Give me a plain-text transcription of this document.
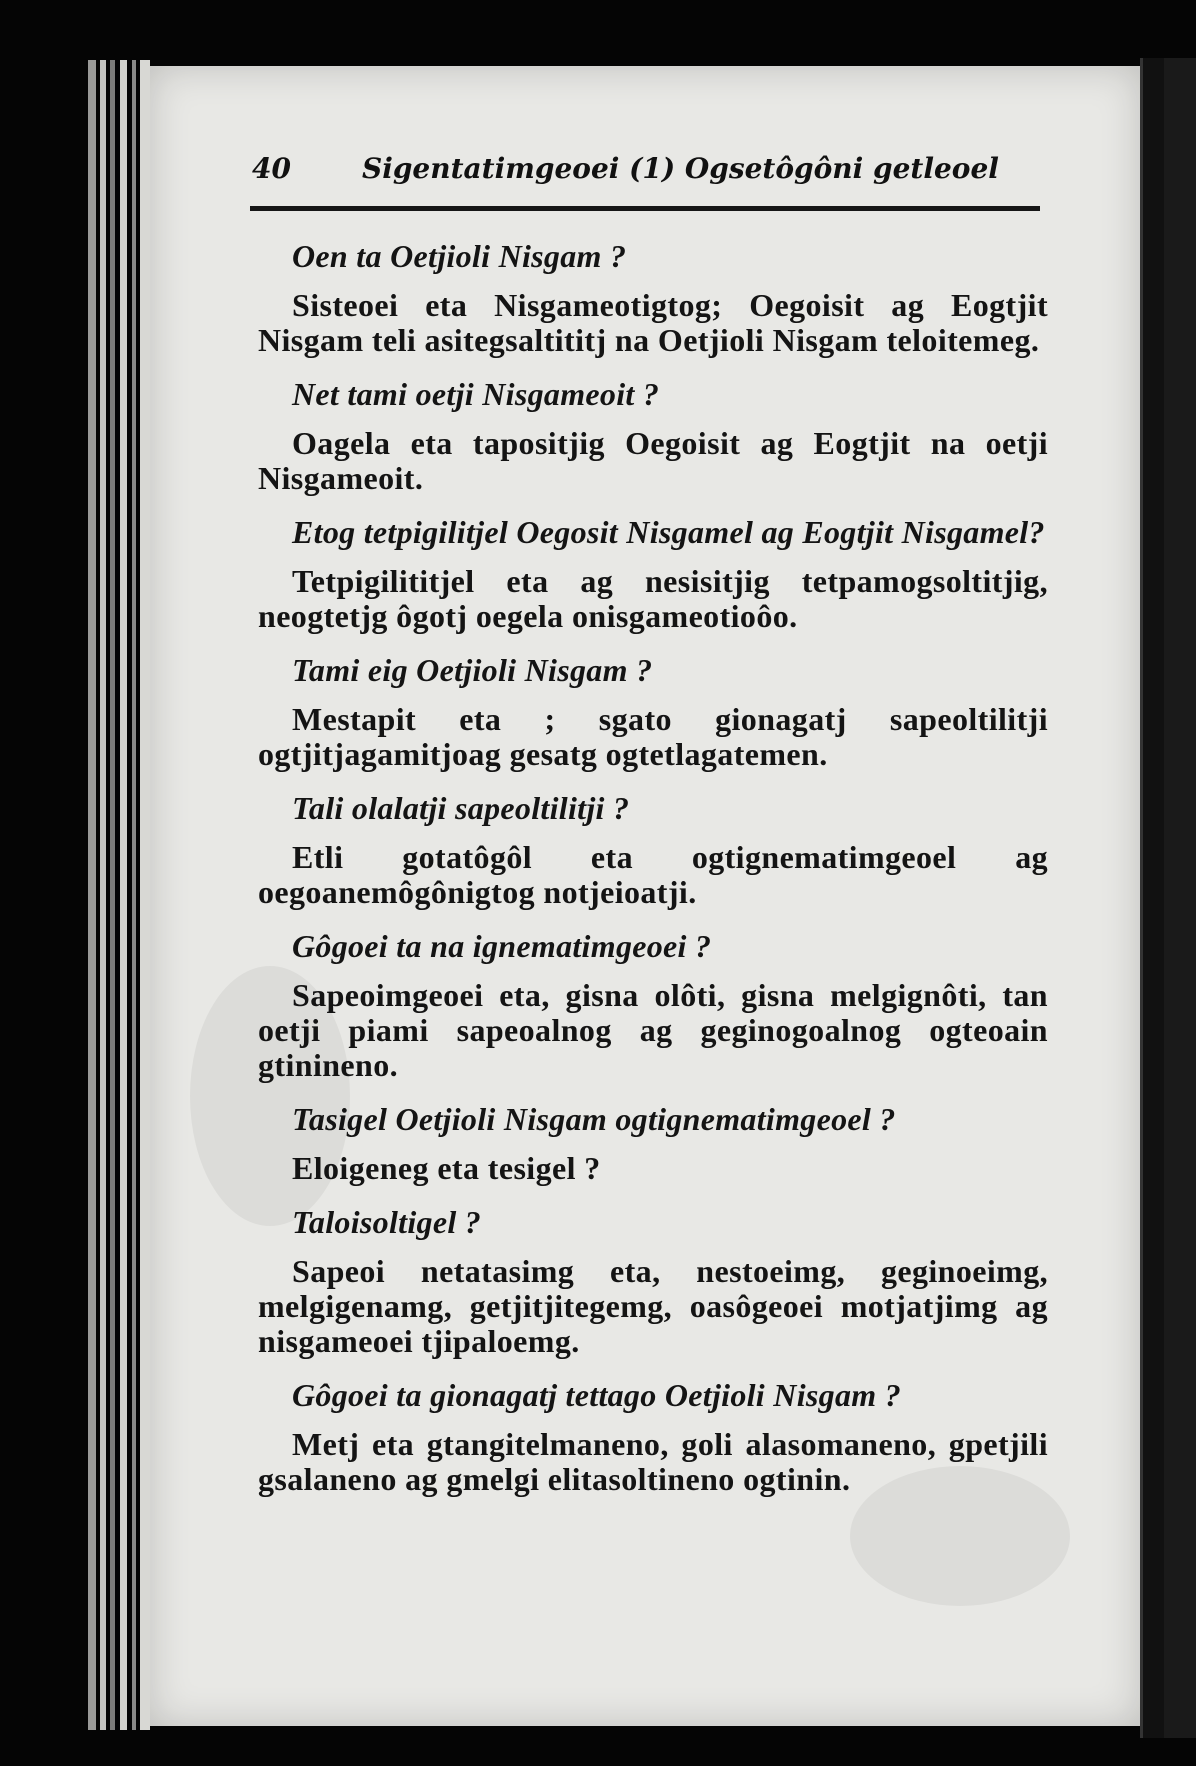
40	Sigentatimgeoei (1) Ogsetôgôni getleoel
Oen ta Oetjioli Nisgam ?
Sisteoei eta Nisgameotigtog; Oegoisit ag Eogtjit Nisgam teli asitegsaltititj na Oetjioli Nisgam teloitemeg.
Net tami oetji Nisgameoit ?
Oagela eta tapositjig Oegoisit ag Eogtjit na oetji Nisgameoit.
Etog tetpigilitjel Oegosit Nisgamel ag Eogtjit Nisgamel?
Tetpigilititjel eta ag nesisitjig tetpamogsoltitjig, neogtetjg ôgotj oegela onisgameotioôo.
Tami eig Oetjioli Nisgam ?
Mestapit eta ; sgato gionagatj sapeoltilitji ogtjitjagamitjoag gesatg ogtetlagatemen.
Tali olalatji sapeoltilitji ?
Etli gotatôgôl eta ogtignematimgeoel ag oegoanemôgônigtog notjeioatji.
Gôgoei ta na ignematimgeoei ?
Sapeoimgeoei eta, gisna olôti, gisna melgignôti, tan oetji piami sapeoalnog ag geginogoalnog ogteoain gtinineno.
Tasigel Oetjioli Nisgam ogtignematimgeoel ?
Eloigeneg eta tesigel ?
Taloisoltigel ?
Sapeoi netatasimg eta, nestoeimg, geginoeimg, melgigenamg, getjitjitegemg, oasôgeoei motjatjimg ag nisgameoei tjipaloemg.
Gôgoei ta gionagatj tettago Oetjioli Nisgam ?
Metj eta gtangitelmaneno, goli alasomaneno, gpetjili gsalaneno ag gmelgi elitasoltineno ogtinin.
